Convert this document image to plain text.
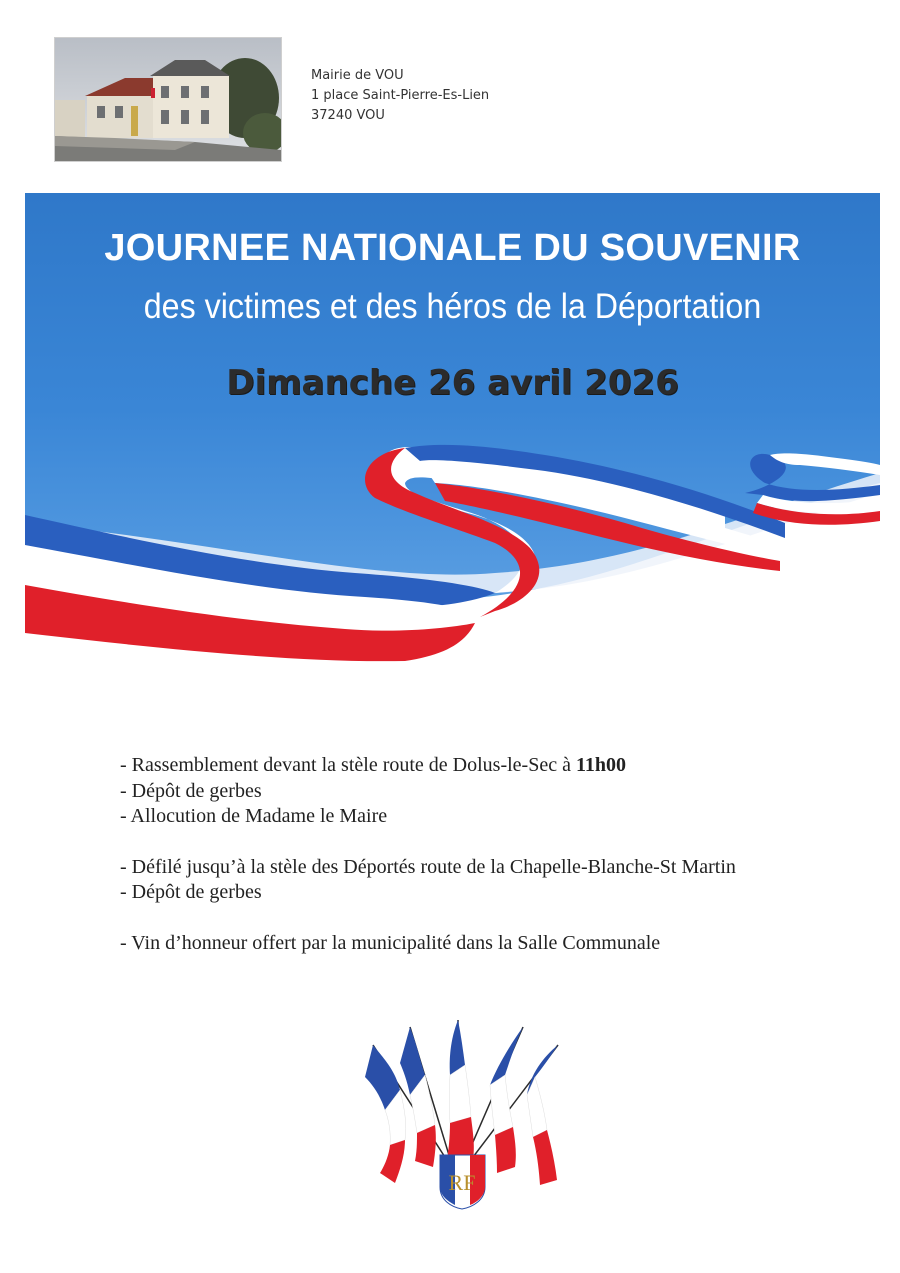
Mairie de VOU
1 place Saint-Pierre-Es-Lien
37240 VOU
JOURNEE NATIONALE DU SOUVENIR
des victimes et des héros de la Déportation
Dimanche 26 avril 2026
- Rassemblement devant la stèle route de Dolus-le-Sec à 11h00
- Dépôt de gerbes
- Allocution de Madame le Maire
- Défilé jusqu’à la stèle des Déportés route de la Chapelle-Blanche-St Martin
- Dépôt de gerbes
- Vin d’honneur offert par la municipalité dans la Salle Communale
RF
